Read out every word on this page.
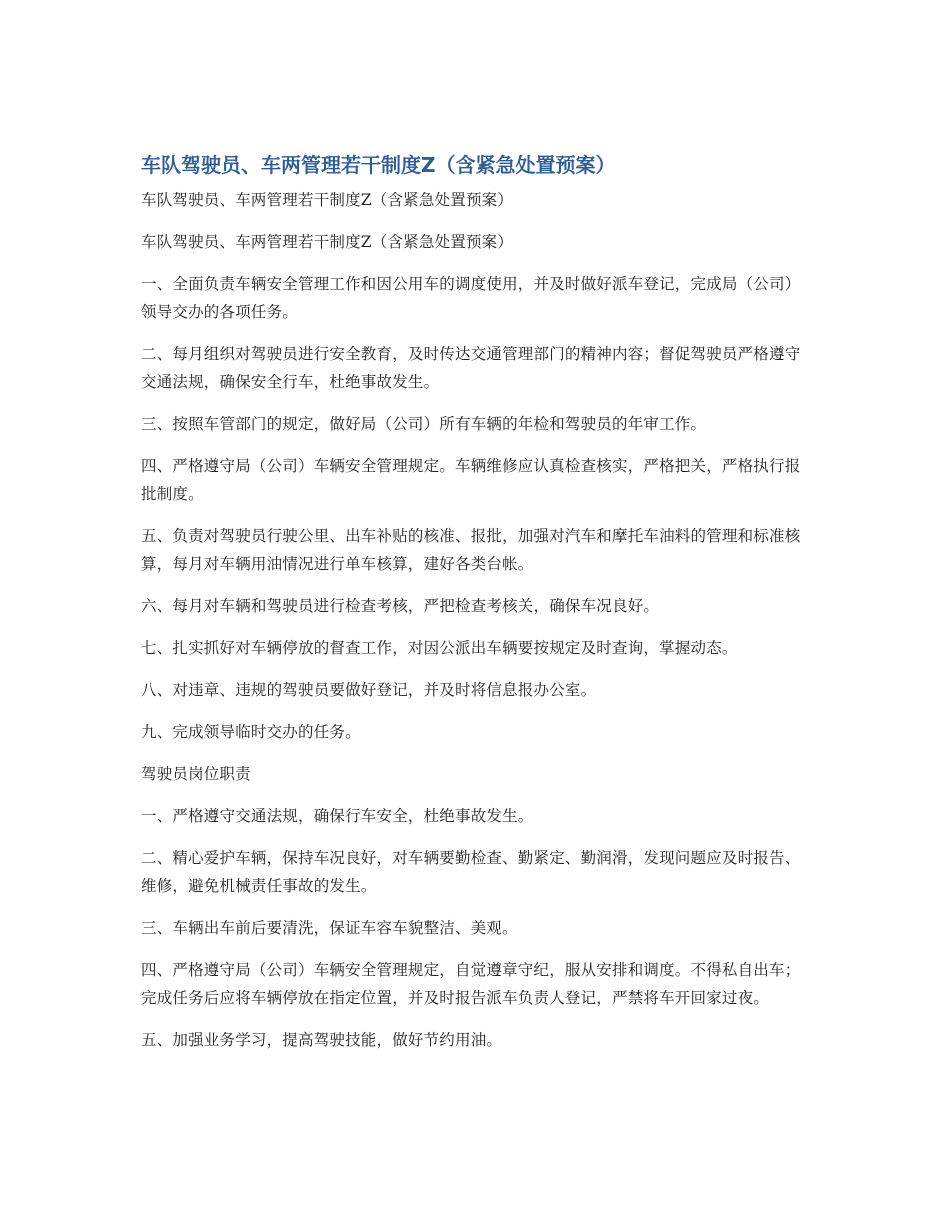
车队驾驶员、车两管理若干制度Z（含紧急处置预案）

车队驾驶员、车两管理若干制度Z（含紧急处置预案）

车队驾驶员、车两管理若干制度Z（含紧急处置预案）

一、全面负责车辆安全管理工作和因公用车的调度使用，并及时做好派车登记，完成局（公司）领导交办的各项任务。

二、每月组织对驾驶员进行安全教育，及时传达交通管理部门的精神内容；督促驾驶员严格遵守交通法规，确保安全行车，杜绝事故发生。

三、按照车管部门的规定，做好局（公司）所有车辆的年检和驾驶员的年审工作。

四、严格遵守局（公司）车辆安全管理规定。车辆维修应认真检查核实，严格把关，严格执行报批制度。

五、负责对驾驶员行驶公里、出车补贴的核准、报批，加强对汽车和摩托车油料的管理和标准核算，每月对车辆用油情况进行单车核算，建好各类台帐。

六、每月对车辆和驾驶员进行检查考核，严把检查考核关，确保车况良好。

七、扎实抓好对车辆停放的督查工作，对因公派出车辆要按规定及时查询，掌握动态。

八、对违章、违规的驾驶员要做好登记，并及时将信息报办公室。

九、完成领导临时交办的任务。

驾驶员岗位职责

一、严格遵守交通法规，确保行车安全，杜绝事故发生。

二、精心爱护车辆，保持车况良好，对车辆要勤检查、勤紧定、勤润滑，发现问题应及时报告、维修，避免机械责任事故的发生。

三、车辆出车前后要清洗，保证车容车貌整洁、美观。

四、严格遵守局（公司）车辆安全管理规定，自觉遵章守纪，服从安排和调度。不得私自出车；完成任务后应将车辆停放在指定位置，并及时报告派车负责人登记，严禁将车开回家过夜。

五、加强业务学习，提高驾驶技能，做好节约用油。
